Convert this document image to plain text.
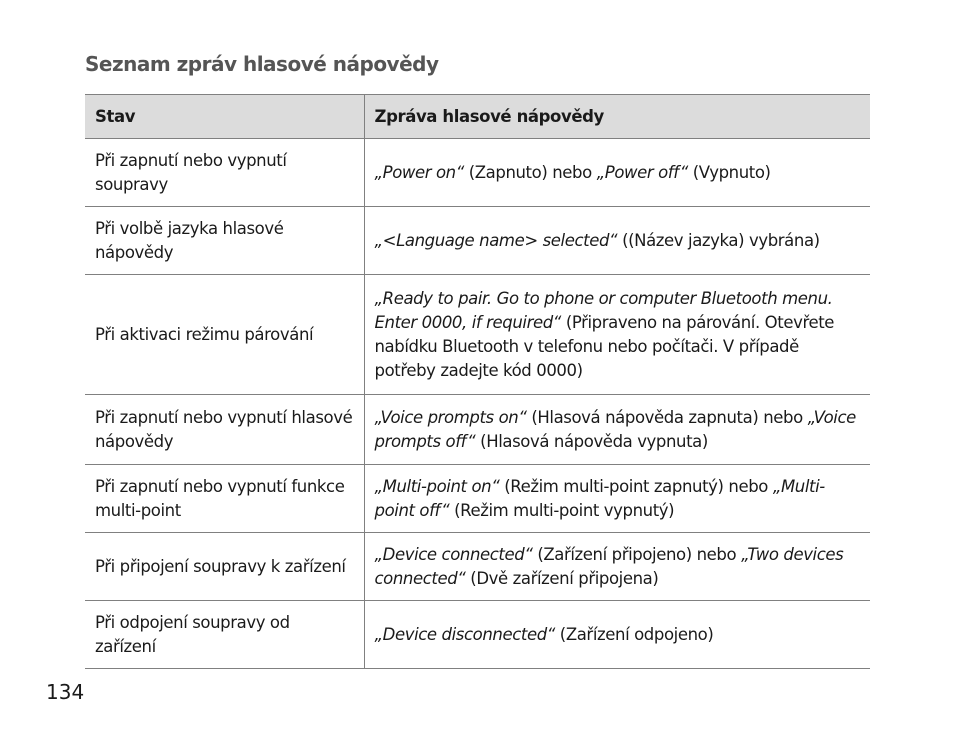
Seznam zpráv hlasové nápovědy
Stav	Zpráva hlasové nápovědy
Při zapnutí nebo vypnutí soupravy	„Power on“ (Zapnuto) nebo „Power off“ (Vypnuto)
Při volbě jazyka hlasové nápovědy	„<Language name> selected“ ((Název jazyka) vybrána)
Při aktivaci režimu párování	„Ready to pair. Go to phone or computer Bluetooth menu. Enter 0000, if required“ (Připraveno na párování. Otevřete nabídku Bluetooth v telefonu nebo počítači. V případě potřeby zadejte kód 0000)
Při zapnutí nebo vypnutí hlasové nápovědy	„Voice prompts on“ (Hlasová nápověda zapnuta) nebo „Voice prompts off“ (Hlasová nápověda vypnuta)
Při zapnutí nebo vypnutí funkce multi-point	„Multi-point on“ (Režim multi-point zapnutý) nebo „Multi-point off“ (Režim multi-point vypnutý)
Při připojení soupravy k zařízení	„Device connected“ (Zařízení připojeno) nebo „Two devices connected“ (Dvě zařízení připojena)
Při odpojení soupravy od zařízení	„Device disconnected“ (Zařízení odpojeno)
134
